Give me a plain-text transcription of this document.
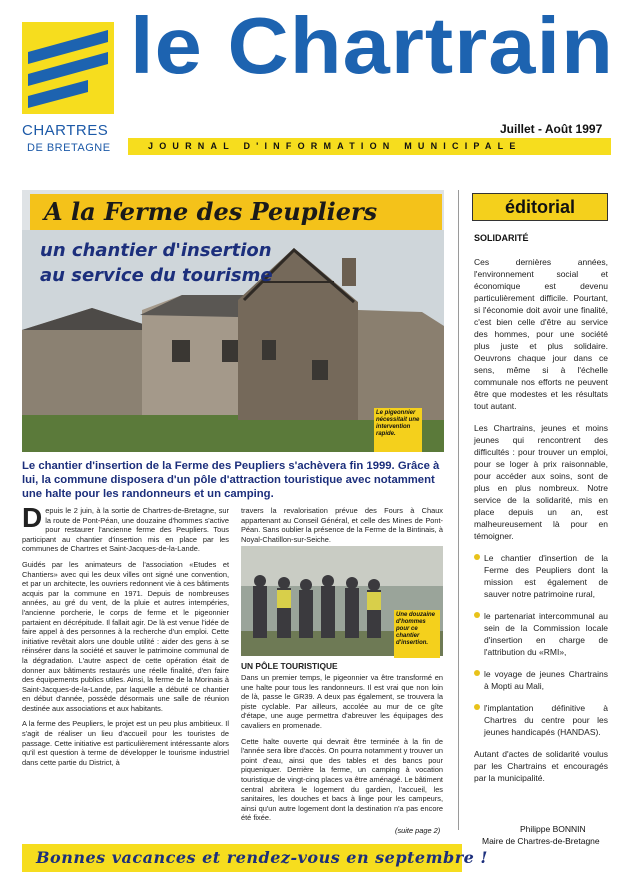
le Chartrain
CHARTRES
DE BRETAGNE
Juillet - Août 1997
JOURNAL D'INFORMATION MUNICIPALE
A la Ferme des Peupliers
un chantier d'insertion
au service du tourisme
Le pigeonnier nécessitait une intervention rapide.
Le chantier d'insertion de la Ferme des Peupliers s'achèvera fin 1999. Grâce à lui, la commune disposera d'un pôle d'attraction touristique avec notamment une halte pour les randonneurs et un camping.

Depuis le 2 juin, à la sortie de Chartres-de-Bretagne, sur la route de Pont-Péan, une douzaine d'hommes s'active pour restaurer l'ancienne ferme des Peupliers. Tous participant au chantier d'insertion mis en place par les communes de Chartres et Saint-Jacques-de-la-Lande.

Guidés par les animateurs de l'association «Etudes et Chantiers» avec qui les deux villes ont signé une convention, et par un architecte, les ouvriers redonnent vie à ces bâtiments acquis par la commune en 1971. Depuis de nombreuses années, au gré du vent, de la pluie et autres intempéries, l'ancienne porcherie, le corps de ferme et le pigeonnier partaient en décrépitude. Il fallait agir. De là est venue l'idée de faire appel à des personnes à la recherche d'un emploi. Cette initiative revêtait alors une double utilité : aider des gens à se réinsérer dans la société et sauver le patrimoine communal de la dégradation. L'autre aspect de cette opération était de donner aux bâtiments restaurés une réelle finalité, d'en faire des équipements publics utiles. Ainsi, la ferme de la Morinais à Saint-Jacques-de-la-Lande, par laquelle a débuté ce chantier en début d'année, possède désormais une salle de réunion destinée aux associations et aux habitants.

A la ferme des Peupliers, le projet est un peu plus ambitieux. Il s'agit de réaliser un lieu d'accueil pour les touristes de passage. Cette initiative est particulièrement intéressante alors qu'il est question à terme de développer le tourisme industriel dans cette partie du District, à

travers la revalorisation prévue des Fours à Chaux appartenant au Conseil Général, et celle des Mines de Pont-Péan. Sans oublier la présence de la Ferme de la Bintinais, à Noyal-Chatillon-sur-Seiche.

UN PÔLE TOURISTIQUE

Dans un premier temps, le pigeonnier va être transformé en une halte pour tous les randonneurs. Il est vrai que non loin de là, passe le GR39. A deux pas également, se trouvera la piste cyclable. Par ailleurs, accolée au mur de ce gîte d'étape, une auge permettra d'abreuver les équipages des cavaliers en promenade.

Cette halte ouverte qui devrait être terminée à la fin de l'année sera libre d'accès. On pourra notamment y trouver un point d'eau, ainsi que des tables et des bancs pour piqueniquer. Derrière la ferme, un camping à vocation touristique de vingt-cinq places va être aménagé. Le bâtiment central abritera le logement du gardien, l'accueil, les sanitaires, les douches et bacs à linge pour les campeurs, ainsi qu'un autre logement dont la destination n'a pas encore été fixée.

Une douzaine d'hommes pour ce chantier d'insertion.
(suite page 2)
éditorial
SOLIDARITÉ

Ces dernières années, l'environnement social et économique est devenu particulièrement difficile. Pourtant, si l'économie doit avoir une finalité, c'est bien celle d'être au service des hommes, pour une société plus juste et plus solidaire. Oeuvrons chaque jour dans ce sens, même si à l'échelle communale nos efforts ne peuvent être que modestes et les résultats tout autant.

Les Chartrains, jeunes et moins jeunes qui rencontrent des difficultés : pour trouver un emploi, pour se loger à prix raisonnable, pour accéder aux soins, sont de plus en plus nombreux. Notre service de la solidarité, mis en place depuis un an, est malheureusement là pour en témoigner.

Le chantier d'insertion de la Ferme des Peupliers dont la mission est également de sauver notre patrimoine rural,
le partenariat intercommunal au sein de la Commission locale d'insertion en charge de l'attribution du «RMI»,
le voyage de jeunes Chartrains à Mopti au Mali,
l'implantation définitive à Chartres du centre pour les jeunes handicapés (HANDAS).

Autant d'actes de solidarité voulus par les Chartrains et encouragés par la municipalité.

Philippe BONNIN
Maire de Chartres-de-Bretagne
Bonnes vacances et rendez-vous en septembre !
